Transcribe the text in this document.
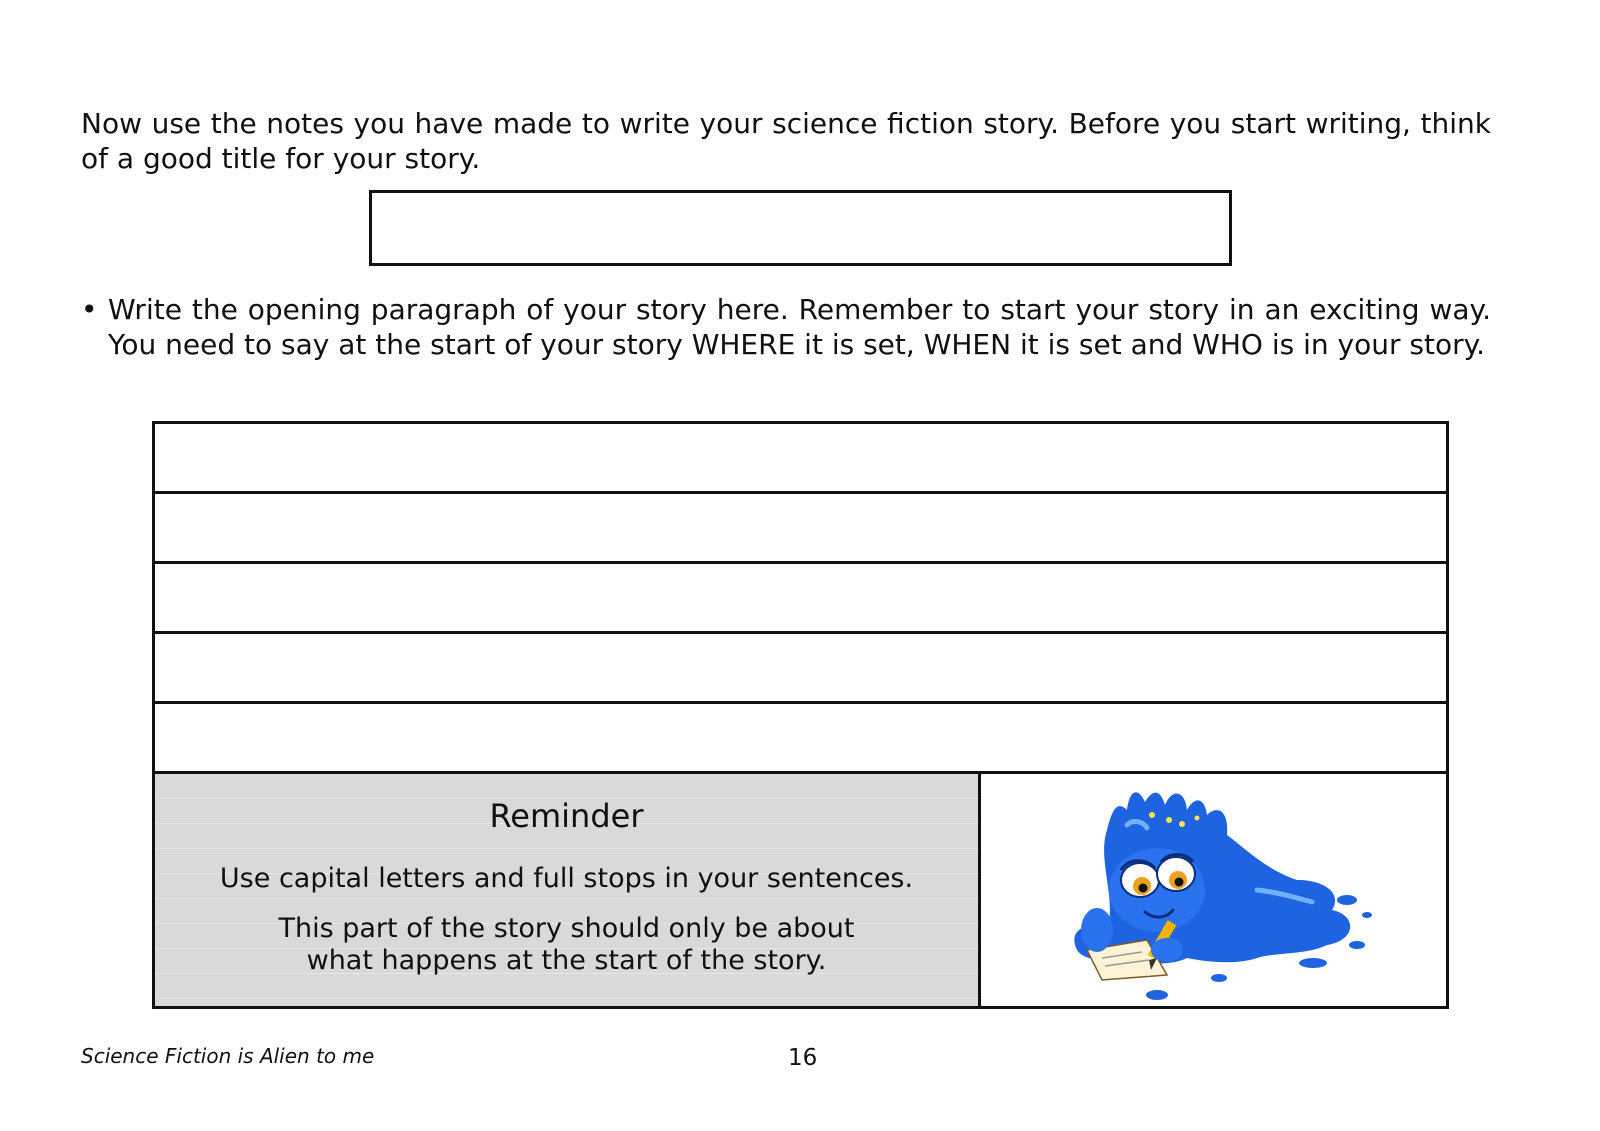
Now use the notes you have made to write your science fiction story. Before you start writing, think of a good title for your story.

• Write the opening paragraph of your story here. Remember to start your story in an exciting way. You need to say at the start of your story WHERE it is set, WHEN it is set and WHO is in your story.
Reminder
Use capital letters and full stops in your sentences.
This part of the story should only be about
what happens at the start of the story.
Science Fiction is Alien to me	16
